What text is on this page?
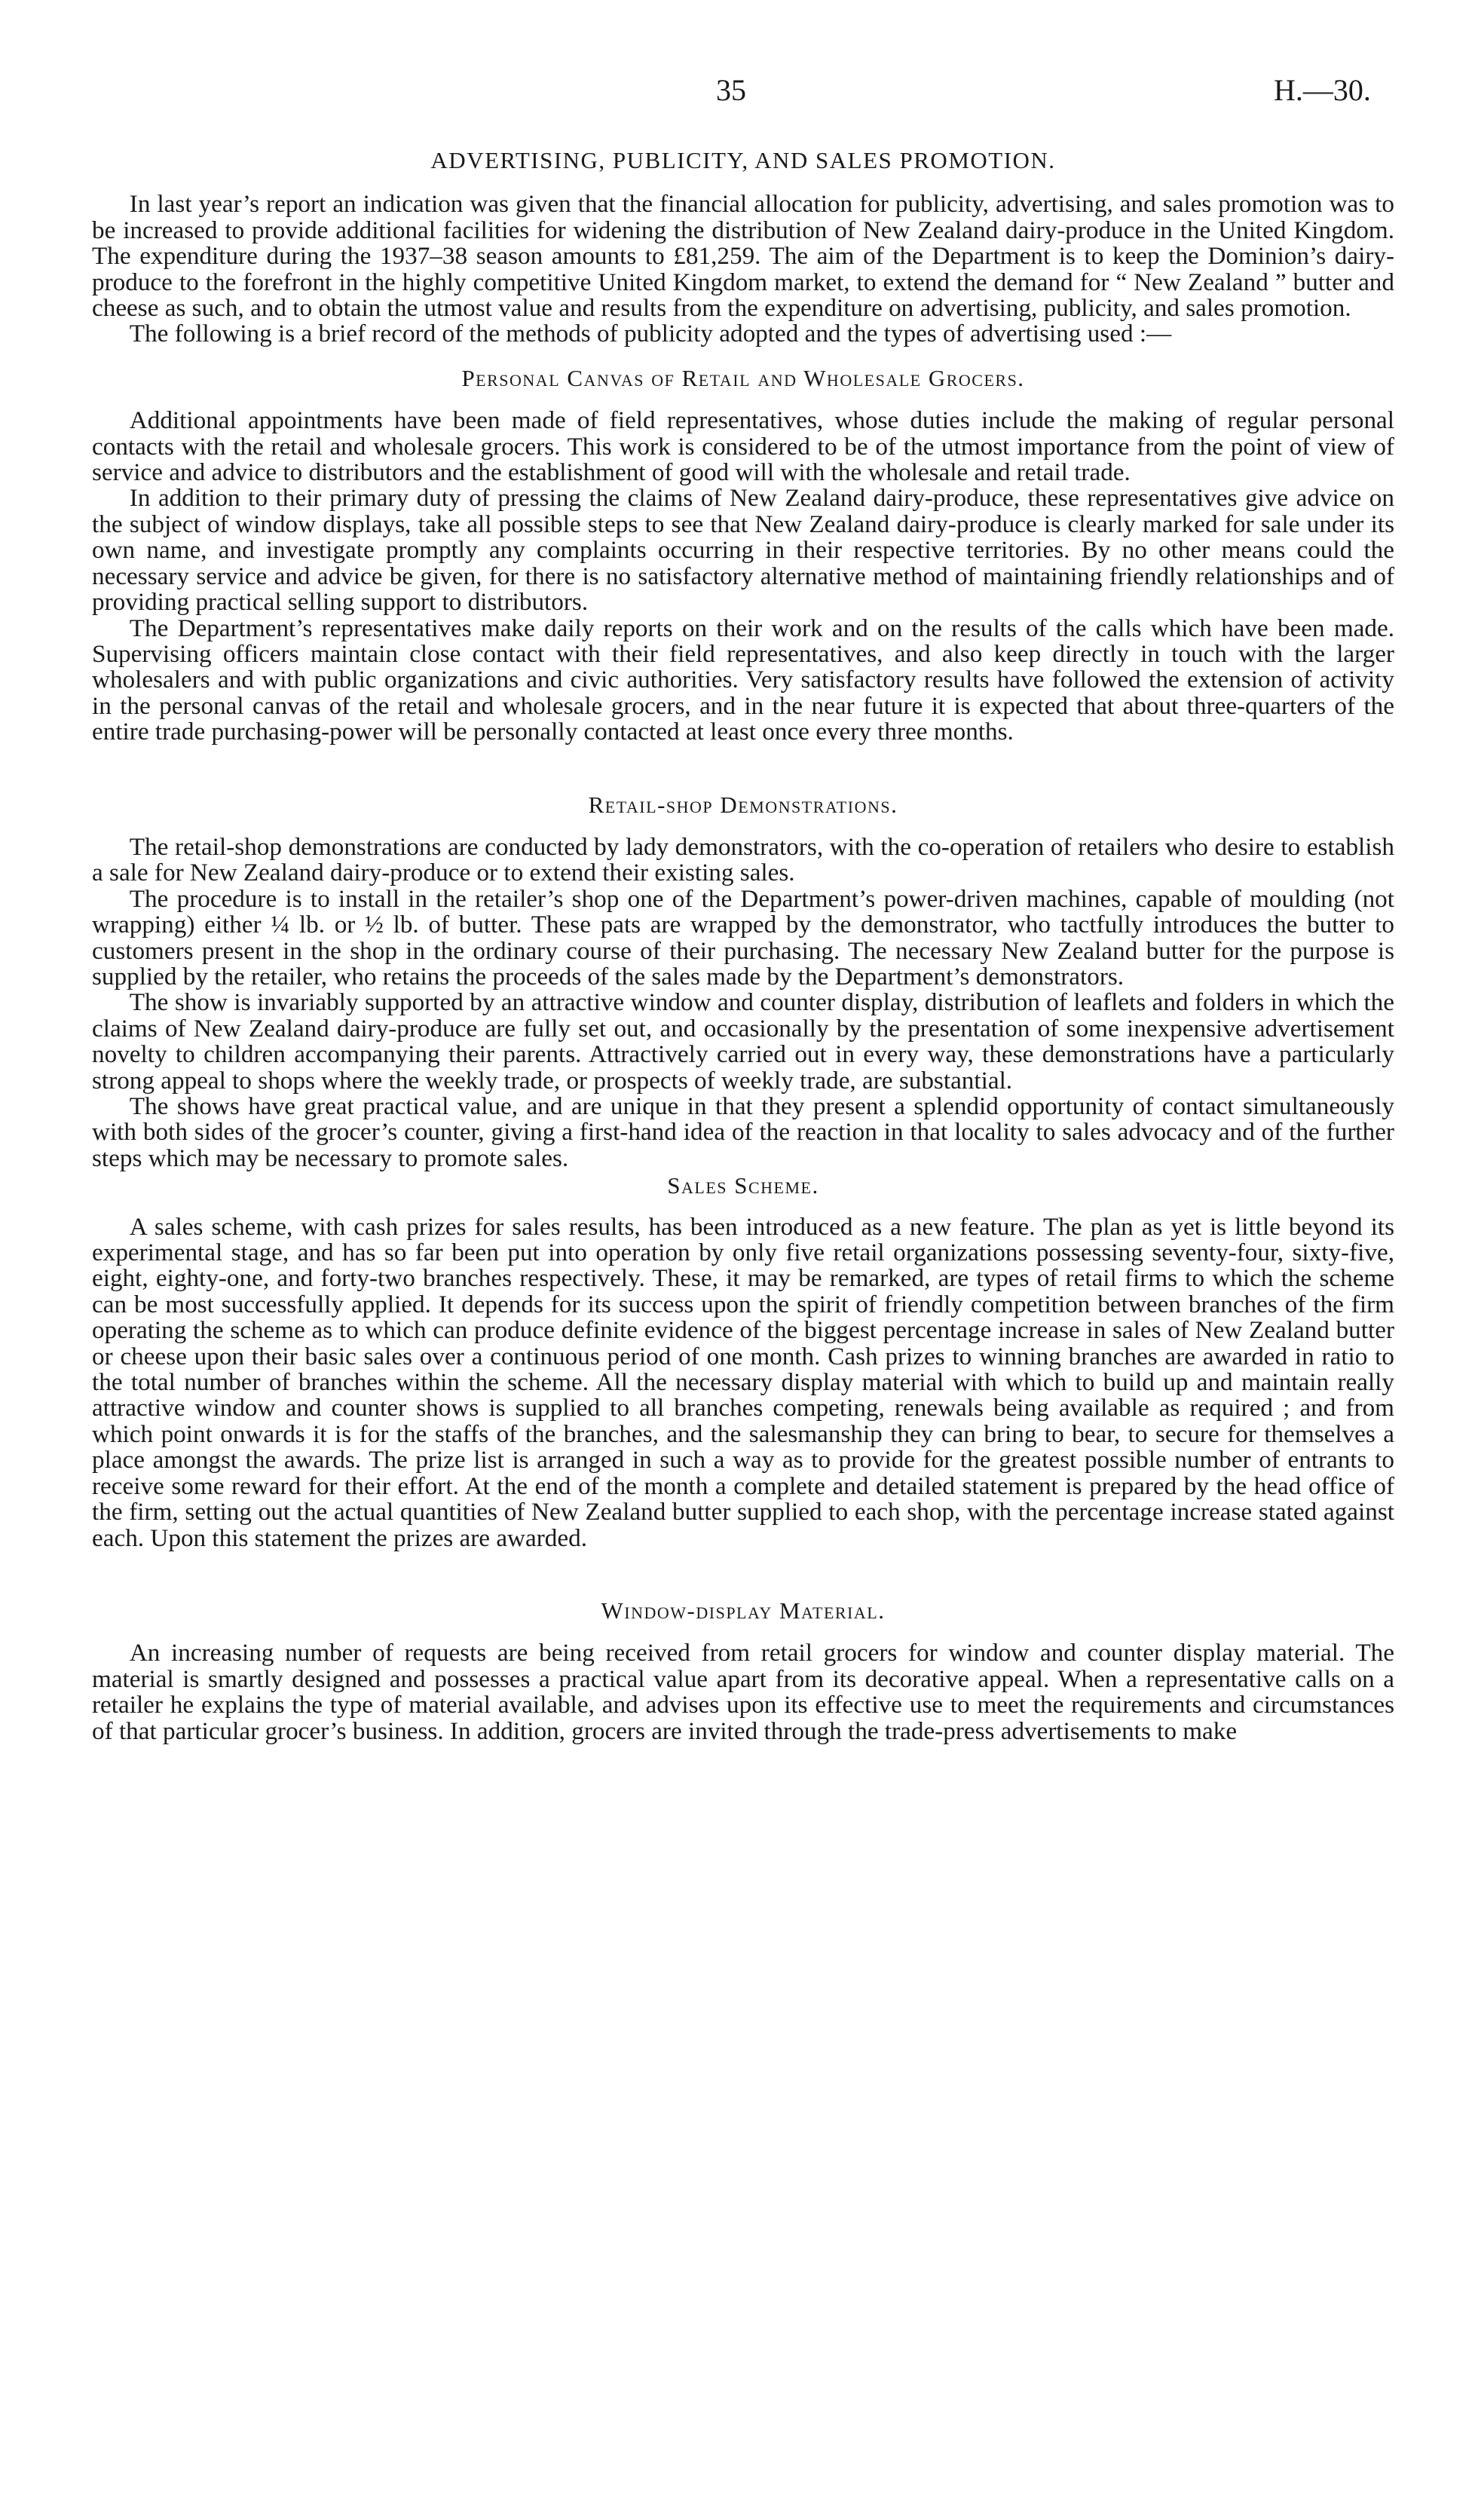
35	H.—30.
ADVERTISING, PUBLICITY, AND SALES PROMOTION.

In last year’s report an indication was given that the financial allocation for publicity, advertising, and sales promotion was to be increased to provide additional facilities for widening the distribution of New Zealand dairy-produce in the United Kingdom. The expenditure during the 1937–38 season amounts to £81,259. The aim of the Department is to keep the Dominion’s dairy-produce to the forefront in the highly competitive United Kingdom market, to extend the demand for “ New Zealand ” butter and cheese as such, and to obtain the utmost value and results from the expenditure on advertising, publicity, and sales promotion.

The following is a brief record of the methods of publicity adopted and the types of advertising used :—

Personal Canvas of Retail and Wholesale Grocers.

Additional appointments have been made of field representatives, whose duties include the making of regular personal contacts with the retail and wholesale grocers. This work is considered to be of the utmost importance from the point of view of service and advice to distributors and the establishment of good will with the wholesale and retail trade.

In addition to their primary duty of pressing the claims of New Zealand dairy-produce, these representatives give advice on the subject of window displays, take all possible steps to see that New Zealand dairy-produce is clearly marked for sale under its own name, and investigate promptly any complaints occurring in their respective territories. By no other means could the necessary service and advice be given, for there is no satisfactory alternative method of maintaining friendly relationships and of providing practical selling support to distributors.

The Department’s representatives make daily reports on their work and on the results of the calls which have been made. Supervising officers maintain close contact with their field representatives, and also keep directly in touch with the larger wholesalers and with public organizations and civic authorities. Very satisfactory results have followed the extension of activity in the personal canvas of the retail and wholesale grocers, and in the near future it is expected that about three-quarters of the entire trade purchasing-power will be personally contacted at least once every three months.

Retail-shop Demonstrations.

The retail-shop demonstrations are conducted by lady demonstrators, with the co-operation of retailers who desire to establish a sale for New Zealand dairy-produce or to extend their existing sales.

The procedure is to install in the retailer’s shop one of the Department’s power-driven machines, capable of moulding (not wrapping) either ¼ lb. or ½ lb. of butter. These pats are wrapped by the demonstrator, who tactfully introduces the butter to customers present in the shop in the ordinary course of their purchasing. The necessary New Zealand butter for the purpose is supplied by the retailer, who retains the proceeds of the sales made by the Department’s demonstrators.

The show is invariably supported by an attractive window and counter display, distribution of leaflets and folders in which the claims of New Zealand dairy-produce are fully set out, and occasionally by the presentation of some inexpensive advertisement novelty to children accompanying their parents. Attractively carried out in every way, these demonstrations have a particularly strong appeal to shops where the weekly trade, or prospects of weekly trade, are substantial.

The shows have great practical value, and are unique in that they present a splendid opportunity of contact simultaneously with both sides of the grocer’s counter, giving a first-hand idea of the reaction in that locality to sales advocacy and of the further steps which may be necessary to promote sales.

Sales Scheme.

A sales scheme, with cash prizes for sales results, has been introduced as a new feature. The plan as yet is little beyond its experimental stage, and has so far been put into operation by only five retail organizations possessing seventy-four, sixty-five, eight, eighty-one, and forty-two branches respectively. These, it may be remarked, are types of retail firms to which the scheme can be most successfully applied. It depends for its success upon the spirit of friendly competition between branches of the firm operating the scheme as to which can produce definite evidence of the biggest percentage increase in sales of New Zealand butter or cheese upon their basic sales over a continuous period of one month. Cash prizes to winning branches are awarded in ratio to the total number of branches within the scheme. All the necessary display material with which to build up and maintain really attractive window and counter shows is supplied to all branches competing, renewals being available as required ; and from which point onwards it is for the staffs of the branches, and the salesmanship they can bring to bear, to secure for themselves a place amongst the awards. The prize list is arranged in such a way as to provide for the greatest possible number of entrants to receive some reward for their effort. At the end of the month a complete and detailed statement is prepared by the head office of the firm, setting out the actual quantities of New Zealand butter supplied to each shop, with the percentage increase stated against each. Upon this statement the prizes are awarded.

Window-display Material.

An increasing number of requests are being received from retail grocers for window and counter display material. The material is smartly designed and possesses a practical value apart from its decorative appeal. When a representative calls on a retailer he explains the type of material available, and advises upon its effective use to meet the requirements and circumstances of that particular grocer’s business. In addition, grocers are invited through the trade-press advertisements to make
